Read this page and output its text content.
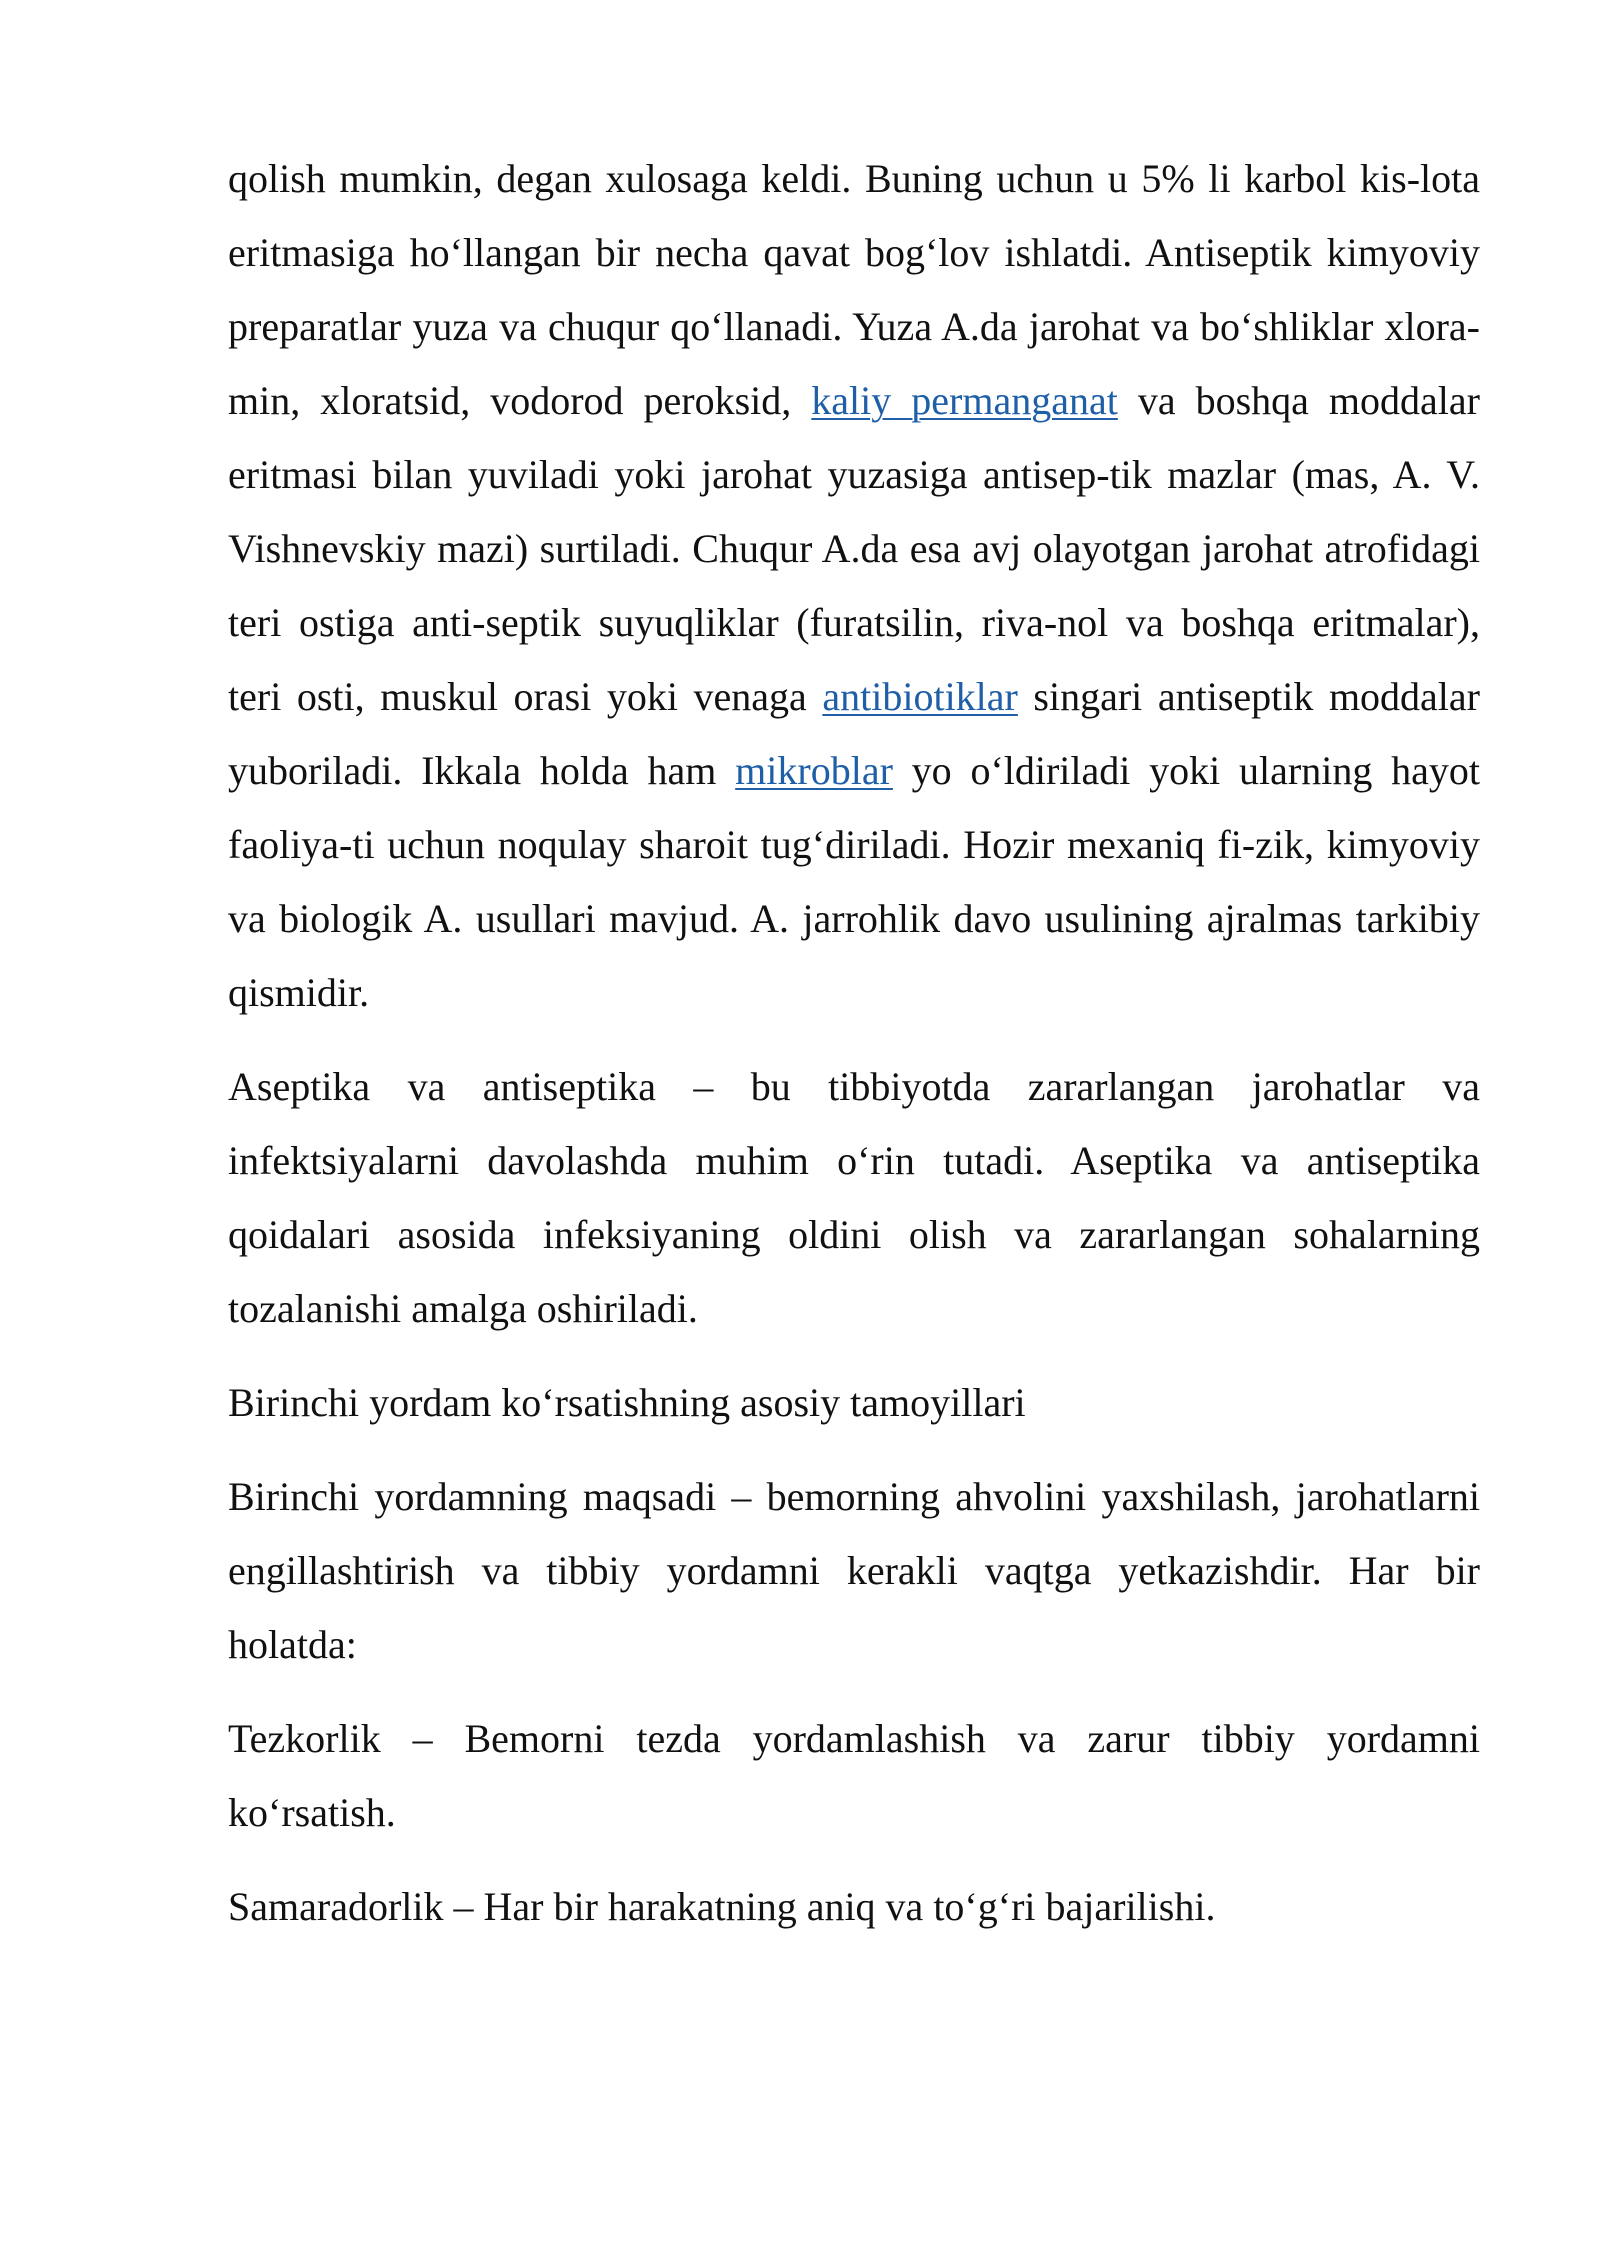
qolish mumkin, degan xulosaga keldi. Buning uchun u 5% li karbol kis-lota eritmasiga ho‘llangan bir necha qavat bog‘lov ishlatdi. Antiseptik kimyoviy preparatlar yuza va chuqur qo‘llanadi. Yuza A.da jarohat va bo‘shliklar xlora-min, xloratsid, vodorod peroksid, kaliy permanganat va boshqa moddalar eritmasi bilan yuviladi yoki jarohat yuzasiga antisep-tik mazlar (mas, A. V. Vishnevskiy mazi) surtiladi. Chuqur A.da esa avj olayotgan jarohat atrofidagi teri ostiga anti-septik suyuqliklar (furatsilin, riva-nol va boshqa eritmalar), teri osti, muskul orasi yoki venaga antibiotiklar singari antiseptik moddalar yuboriladi. Ikkala holda ham mikroblar yo o‘ldiriladi yoki ularning hayot faoliya-ti uchun noqulay sharoit tug‘diriladi. Hozir mexaniq fi-zik, kimyoviy va biologik A. usullari mavjud. A. jarrohlik davo usulining ajralmas tarkibiy qismidir.

Aseptika va antiseptika – bu tibbiyotda zararlangan jarohatlar va infektsiyalarni davolashda muhim o‘rin tutadi. Aseptika va antiseptika qoidalari asosida infeksiyaning oldini olish va zararlangan sohalarning tozalanishi amalga oshiriladi.

Birinchi yordam ko‘rsatishning asosiy tamoyillari

Birinchi yordamning maqsadi – bemorning ahvolini yaxshilash, jarohatlarni engillashtirish va tibbiy yordamni kerakli vaqtga yetkazishdir. Har bir holatda:

Tezkorlik – Bemorni tezda yordamlashish va zarur tibbiy yordamni ko‘rsatish.

Samaradorlik – Har bir harakatning aniq va to‘g‘ri bajarilishi.
